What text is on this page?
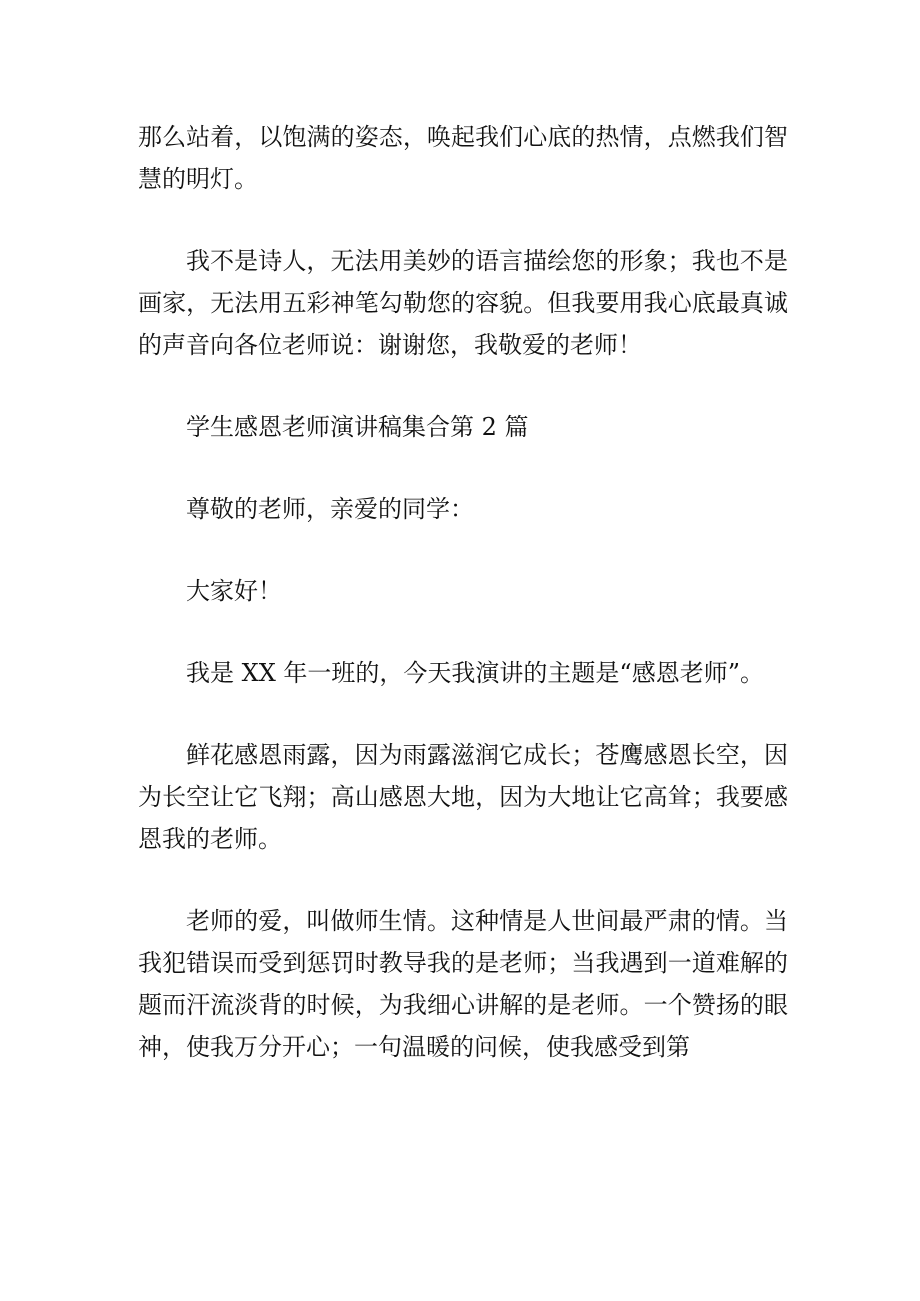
那么站着，以饱满的姿态，唤起我们心底的热情，点燃我们智慧的明灯。

我不是诗人，无法用美妙的语言描绘您的形象；我也不是画家，无法用五彩神笔勾勒您的容貌。但我要用我心底最真诚的声音向各位老师说：谢谢您，我敬爱的老师！

学生感恩老师演讲稿集合第 2 篇

尊敬的老师，亲爱的同学：

大家好！

我是 XX 年一班的，今天我演讲的主题是“感恩老师”。

鲜花感恩雨露，因为雨露滋润它成长；苍鹰感恩长空，因为长空让它飞翔；高山感恩大地，因为大地让它高耸；我要感恩我的老师。

老师的爱，叫做师生情。这种情是人世间最严肃的情。当我犯错误而受到惩罚时教导我的是老师；当我遇到一道难解的题而汗流淡背的时候，为我细心讲解的是老师。一个赞扬的眼神，使我万分开心；一句温暖的问候，使我感受到第
